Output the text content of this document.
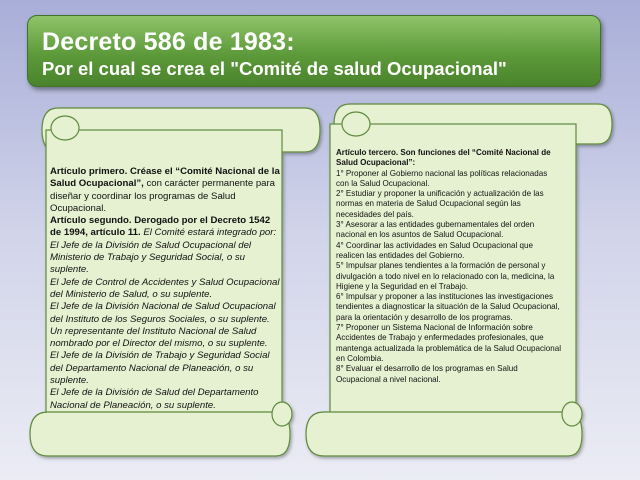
Decreto 586 de 1983:
Por el cual se crea el "Comité de salud Ocupacional"

Artículo primero. Créase el “Comité Nacional de la Salud Ocupacional”, con carácter permanente para diseñar y coordinar los programas de Salud Ocupacional.

Artículo segundo. Derogado por el Decreto 1542 de 1994, artículo 11. El Comité estará integrado por:

El Jefe de la División de Salud Ocupacional del Ministerio de Trabajo y Seguridad Social, o su suplente.

El Jefe de Control de Accidentes y Salud Ocupacional del Ministerio de Salud, o su suplente.

El Jefe de la División Nacional de Salud Ocupacional del Instituto de los Seguros Sociales, o su suplente.

Un representante del Instituto Nacional de Salud nombrado por el Director del mismo, o su suplente.

El Jefe de la División de Trabajo y Seguridad Social del Departamento Nacional de Planeación, o su suplente.

El Jefe de la División de Salud del Departamento Nacional de Planeación, o su suplente.

Artículo tercero. Son funciones del “Comité Nacional de Salud Ocupacional”:

1° Proponer al Gobierno nacional las políticas relacionadas con la Salud Ocupacional.

2° Estudiar y proponer la unificación y actualización de las normas en materia de Salud Ocupacional según las necesidades del país.

3° Asesorar a las entidades gubernamentales del orden nacional en los asuntos de Salud Ocupacional.

4° Coordinar las actividades en Salud Ocupacional que realicen las entidades del Gobierno.

5° Impulsar planes tendientes a la formación de personal y divulgación a todo nivel en lo relacionado con la, medicina, la Higiene y la Seguridad en el Trabajo.

6° Impulsar y proponer a las instituciones las investigaciones tendientes a diagnosticar la situación de la Salud Ocupacional, para la orientación y desarrollo de los programas.

7° Proponer un Sistema Nacional de Información sobre Accidentes de Trabajo y enfermedades profesionales, que mantenga actualizada la problemática de la Salud Ocupacional en Colombia.

8° Evaluar el desarrollo de los programas en Salud Ocupacional a nivel nacional.
